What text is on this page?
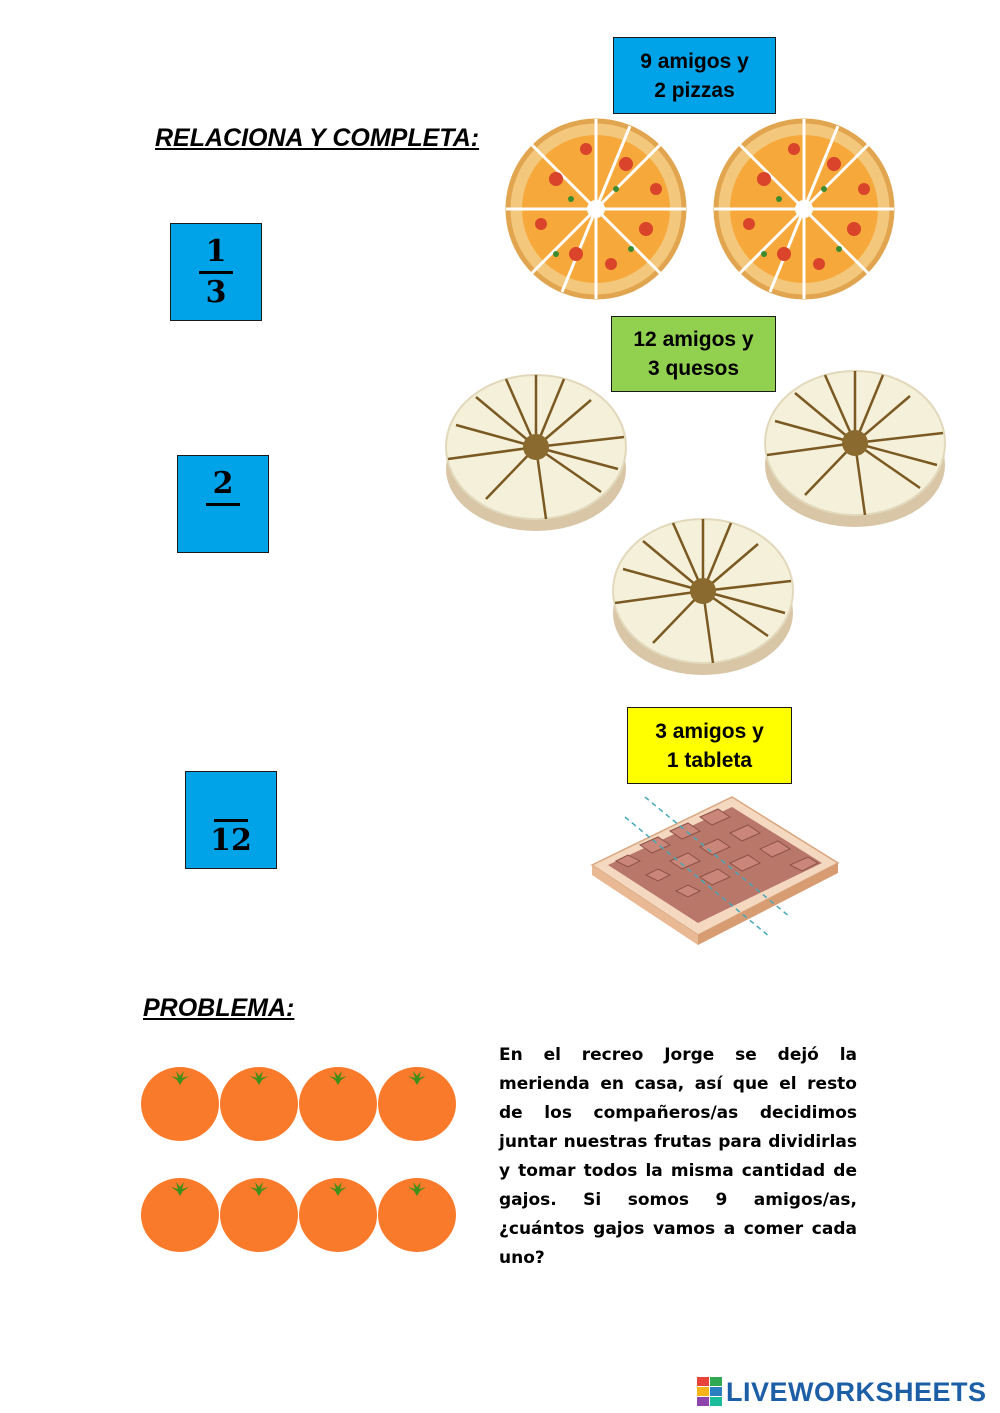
RELACIONA Y COMPLETA:
1
3
2
12
9 amigos y
2 pizzas
12 amigos y
3 quesos
3 amigos y
1 tableta
PROBLEMA:
En el recreo Jorge se dejó la merienda en casa, así que el resto de los compañeros/as decidimos juntar nuestras frutas para dividirlas y tomar todos la misma cantidad de gajos. Si somos 9 amigos/as, ¿cuántos gajos vamos a comer cada uno?
LIVEWORKSHEETS
